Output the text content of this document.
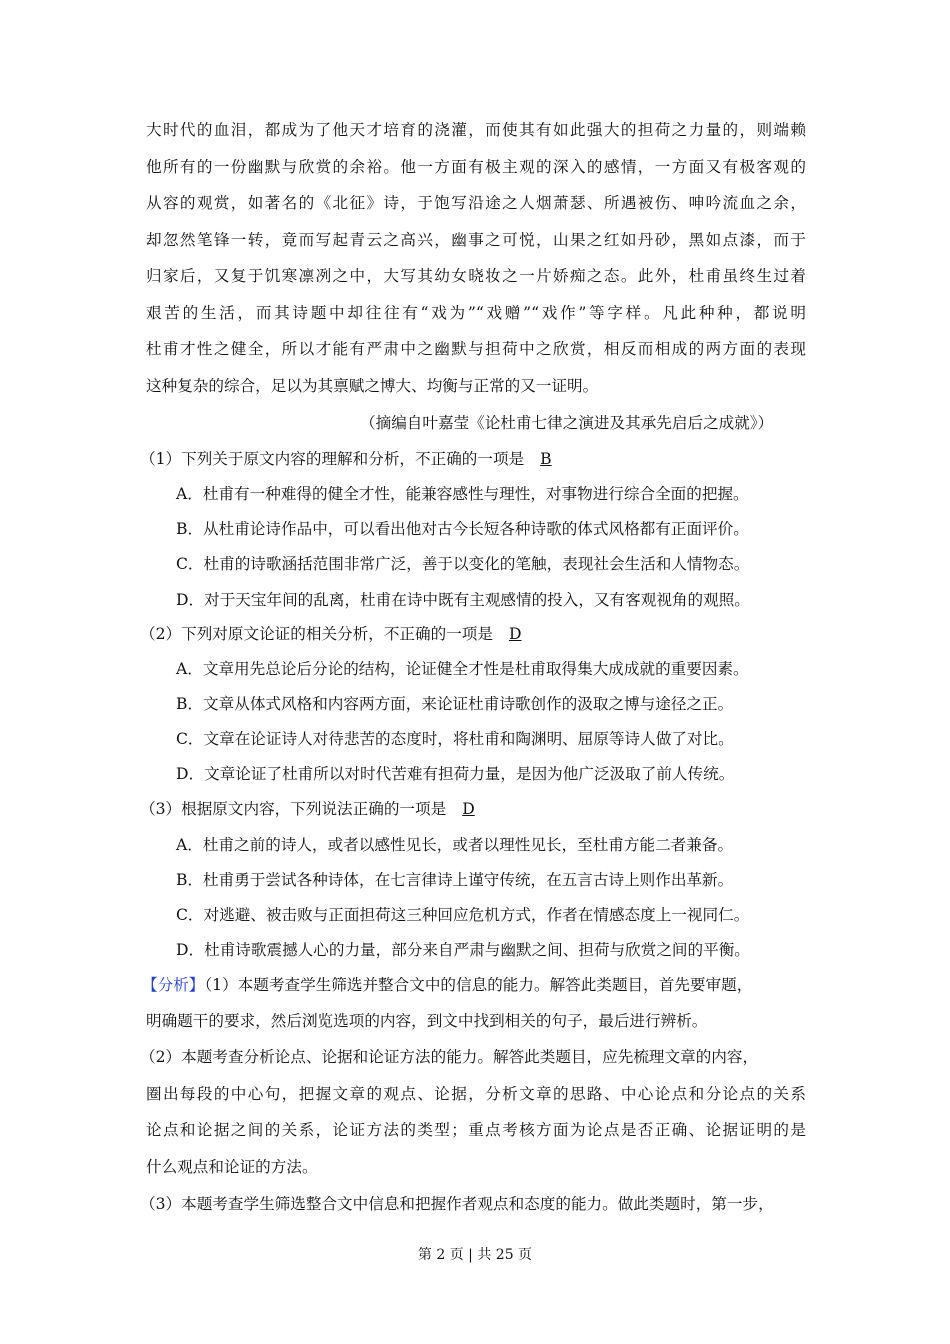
大时代的血泪，都成为了他天才培育的浇灌，而使其有如此强大的担荷之力量的，则端赖
他所有的一份幽默与欣赏的余裕。他一方面有极主观的深入的感情，一方面又有极客观的
从容的观赏，如著名的《北征》诗，于饱写沿途之人烟萧瑟、所遇被伤、呻吟流血之余，
却忽然笔锋一转，竟而写起青云之高兴，幽事之可悦，山果之红如丹砂，黑如点漆，而于
归家后，又复于饥寒凛冽之中，大写其幼女晓妆之一片娇痴之态。此外，杜甫虽终生过着
艰苦的生活，而其诗题中却往往有“戏为”“戏赠”“戏作”等字样。凡此种种，都说明
杜甫才性之健全，所以才能有严肃中之幽默与担荷中之欣赏，相反而相成的两方面的表现
这种复杂的综合，足以为其禀赋之博大、均衡与正常的又一证明。
（摘编自叶嘉莹《论杜甫七律之演进及其承先启后之成就》）
（1）下列关于原文内容的理解和分析，不正确的一项是 B
A．杜甫有一种难得的健全才性，能兼容感性与理性，对事物进行综合全面的把握。
B．从杜甫论诗作品中，可以看出他对古今长短各种诗歌的体式风格都有正面评价。
C．杜甫的诗歌涵括范围非常广泛，善于以变化的笔触，表现社会生活和人情物态。
D．对于天宝年间的乱离，杜甫在诗中既有主观感情的投入，又有客观视角的观照。
（2）下列对原文论证的相关分析，不正确的一项是 D
A．文章用先总论后分论的结构，论证健全才性是杜甫取得集大成成就的重要因素。
B．文章从体式风格和内容两方面，来论证杜甫诗歌创作的汲取之博与途径之正。
C．文章在论证诗人对待悲苦的态度时，将杜甫和陶渊明、屈原等诗人做了对比。
D．文章论证了杜甫所以对时代苦难有担荷力量，是因为他广泛汲取了前人传统。
（3）根据原文内容，下列说法正确的一项是 D
A．杜甫之前的诗人，或者以感性见长，或者以理性见长，至杜甫方能二者兼备。
B．杜甫勇于尝试各种诗体，在七言律诗上谨守传统，在五言古诗上则作出革新。
C．对逃避、被击败与正面担荷这三种回应危机方式，作者在情感态度上一视同仁。
D．杜甫诗歌震撼人心的力量，部分来自严肃与幽默之间、担荷与欣赏之间的平衡。
【分析】（1）本题考查学生筛选并整合文中的信息的能力。解答此类题目，首先要审题，
明确题干的要求，然后浏览选项的内容，到文中找到相关的句子，最后进行辨析。
（2）本题考查分析论点、论据和论证方法的能力。解答此类题目，应先梳理文章的内容，
圈出每段的中心句，把握文章的观点、论据，分析文章的思路、中心论点和分论点的关系
论点和论据之间的关系，论证方法的类型；重点考核方面为论点是否正确、论据证明的是
什么观点和论证的方法。
（3）本题考查学生筛选整合文中信息和把握作者观点和态度的能力。做此类题时，第一步，
第 2 页 | 共 25 页
